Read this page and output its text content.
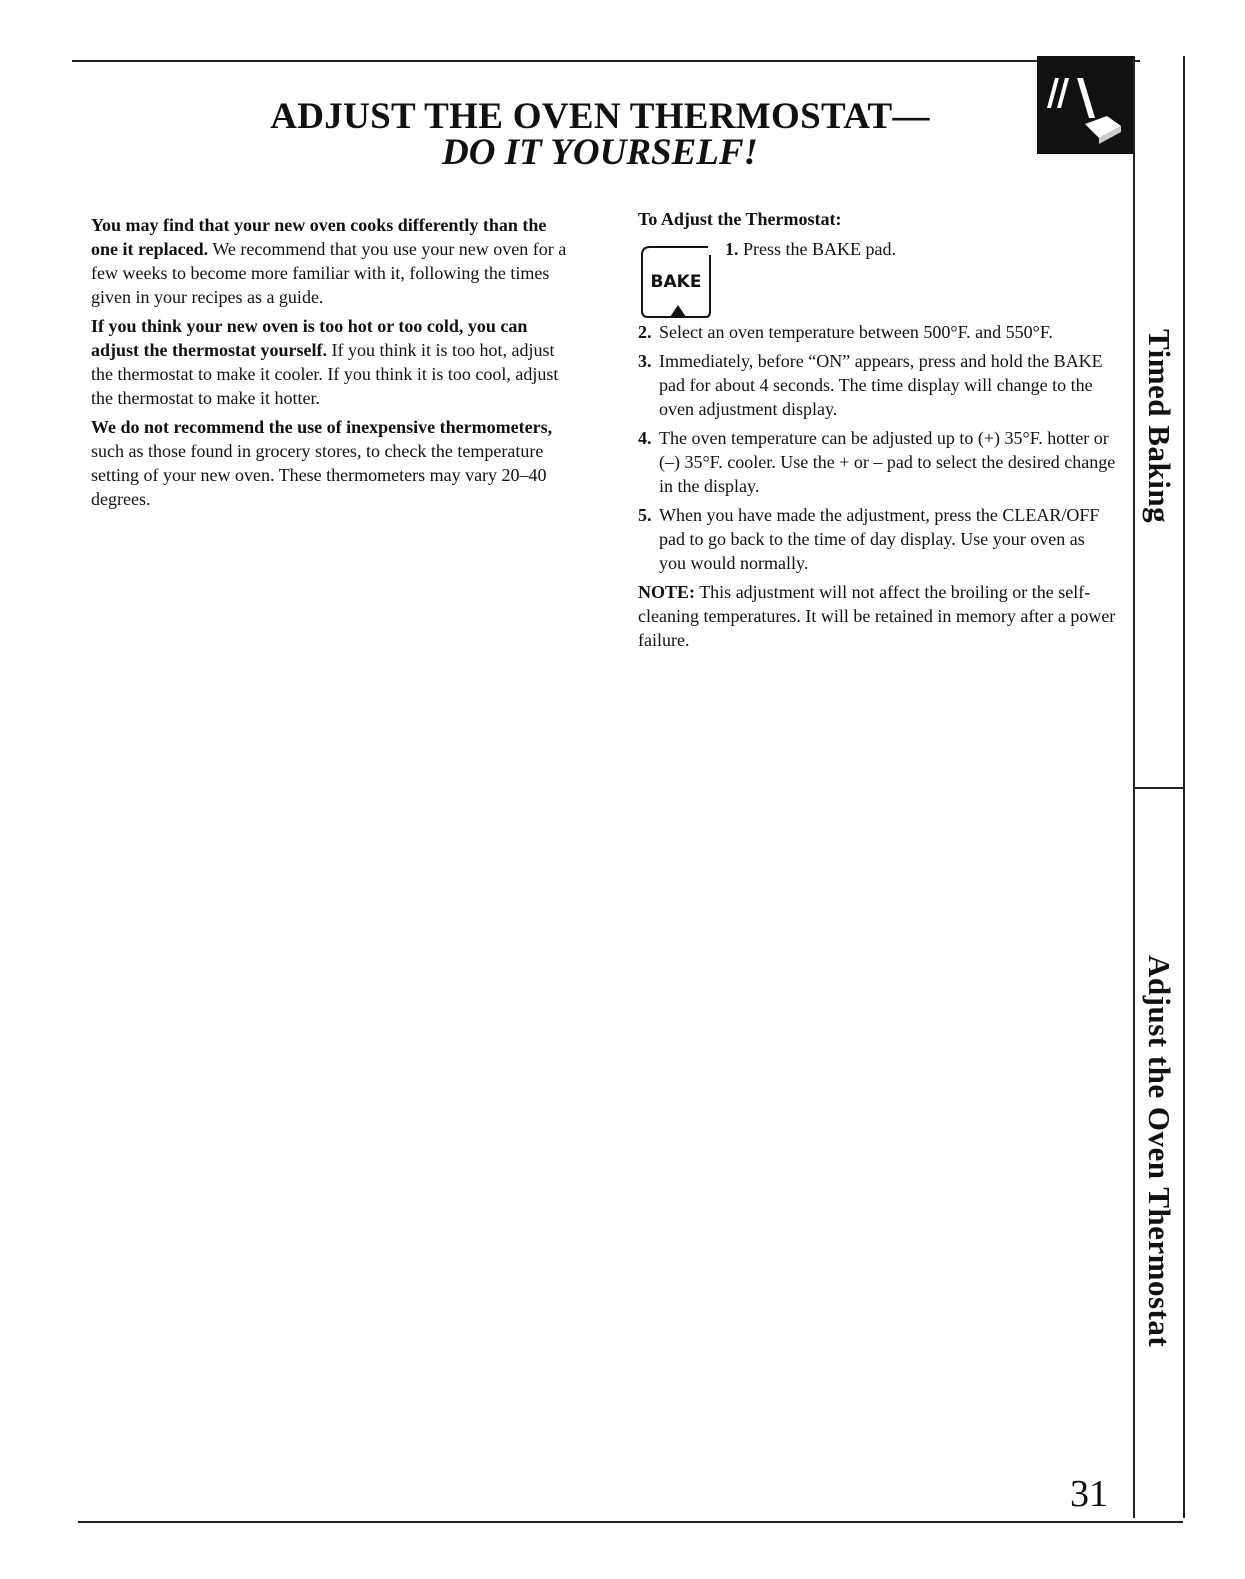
ADJUST THE OVEN THERMOSTAT—
DO IT YOURSELF!

You may find that your new oven cooks differently than the one it replaced. We recommend that you use your new oven for a few weeks to become more familiar with it, following the times given in your recipes as a guide.

If you think your new oven is too hot or too cold, you can adjust the thermostat yourself. If you think it is too hot, adjust the thermostat to make it cooler. If you think it is too cool, adjust the thermostat to make it hotter.

We do not recommend the use of inexpensive thermometers, such as those found in grocery stores, to check the temperature setting of your new oven. These thermometers may vary 20–40 degrees.

To Adjust the Thermostat:
BAKE
1. Press the BAKE pad.
2. Select an oven temperature between 500°F. and 550°F.
3. Immediately, before “ON” appears, press and hold the BAKE pad for about 4 seconds. The time display will change to the oven adjustment display.
4. The oven temperature can be adjusted up to (+) 35°F. hotter or (–) 35°F. cooler. Use the + or – pad to select the desired change in the display.
5. When you have made the adjustment, press the CLEAR/OFF pad to go back to the time of day display. Use your oven as you would normally.

NOTE: This adjustment will not affect the broiling or the self-cleaning temperatures. It will be retained in memory after a power failure.

Timed Baking
Adjust the Oven Thermostat
31
